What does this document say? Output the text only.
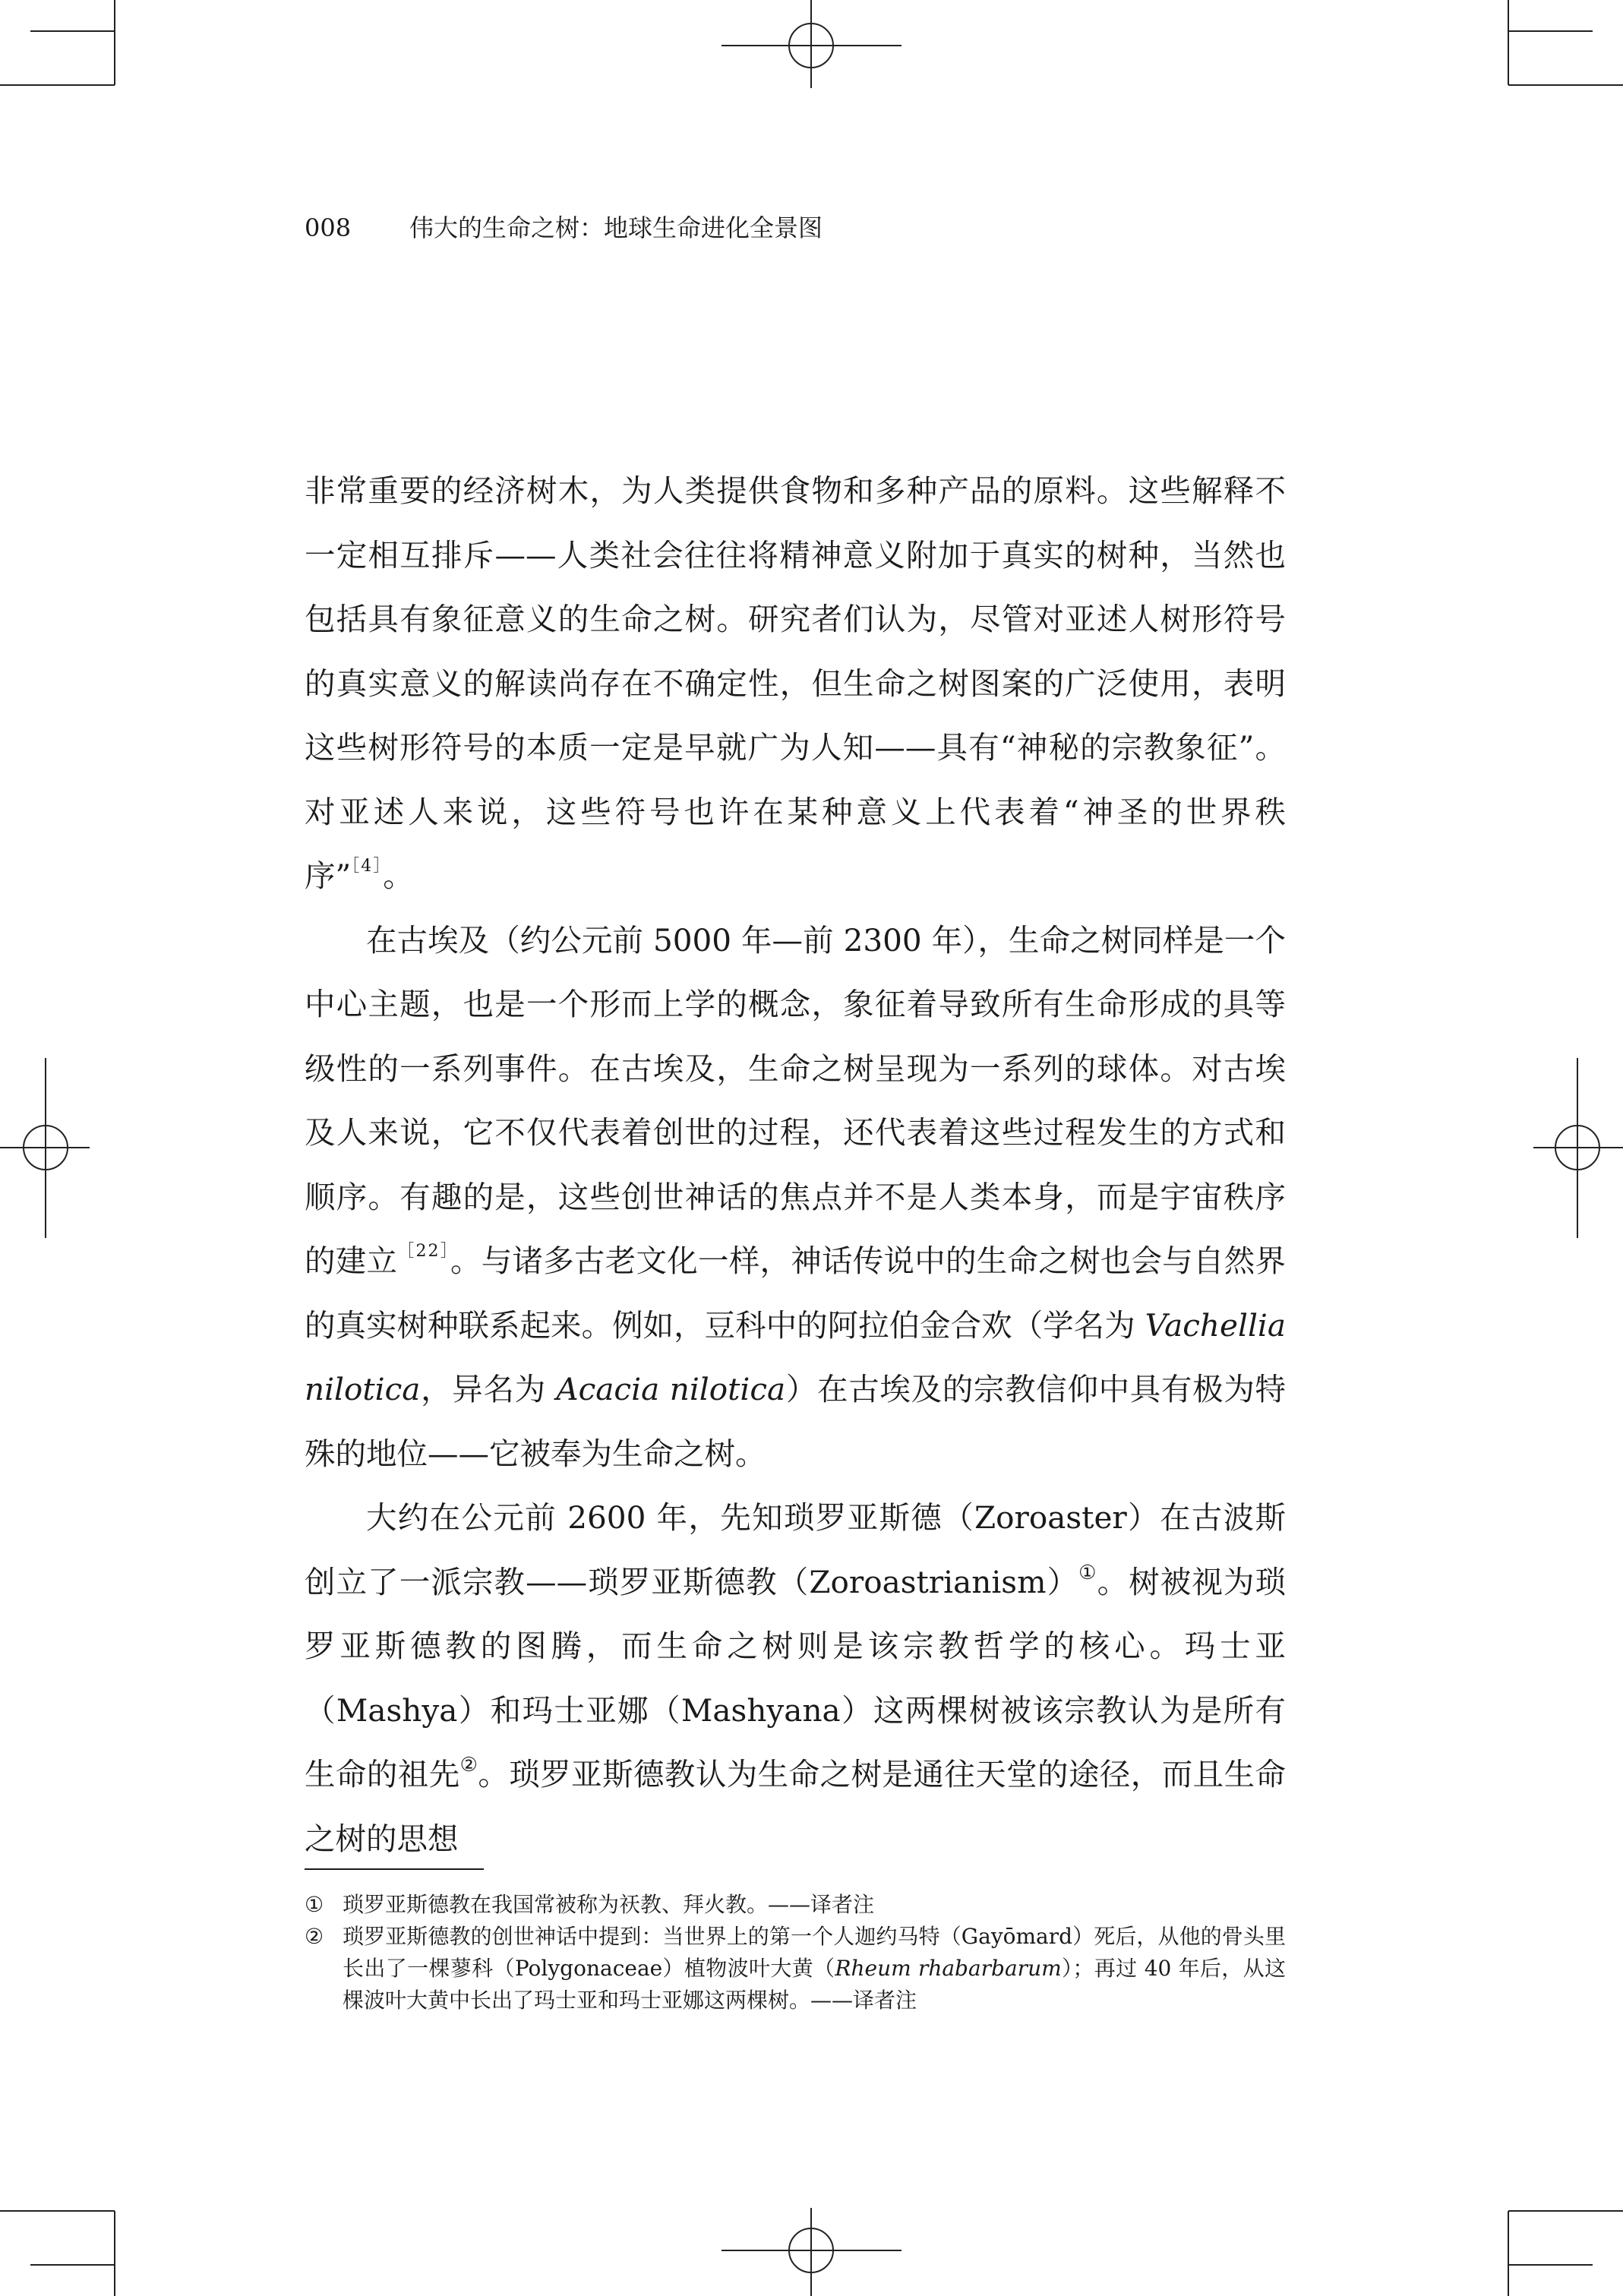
008 伟大的生命之树：地球生命进化全景图

非常重要的经济树木，为人类提供食物和多种产品的原料。这些解释不一定相互排斥——人类社会往往将精神意义附加于真实的树种，当然也包括具有象征意义的生命之树。研究者们认为，尽管对亚述人树形符号的真实意义的解读尚存在不确定性，但生命之树图案的广泛使用，表明这些树形符号的本质一定是早就广为人知——具有“神秘的宗教象征”。对亚述人来说，这些符号也许在某种意义上代表着“神圣的世界秩序”$^{[4]}$。

在古埃及（约公元前 5000 年—前 2300 年），生命之树同样是一个中心主题，也是一个形而上学的概念，象征着导致所有生命形成的具等级性的一系列事件。在古埃及，生命之树呈现为一系列的球体。对古埃及人来说，它不仅代表着创世的过程，还代表着这些过程发生的方式和顺序。有趣的是，这些创世神话的焦点并不是人类本身，而是宇宙秩序的建立$^{[22]}$。与诸多古老文化一样，神话传说中的生命之树也会与自然界的真实树种联系起来。例如，豆科中的阿拉伯金合欢（学名为 Vachellia nilotica，异名为 Acacia nilotica）在古埃及的宗教信仰中具有极为特殊的地位——它被奉为生命之树。

大约在公元前 2600 年，先知琐罗亚斯德（Zoroaster）在古波斯创立了一派宗教——琐罗亚斯德教（Zoroastrianism）①。树被视为琐罗亚斯德教的图腾，而生命之树则是该宗教哲学的核心。玛士亚（Mashya）和玛士亚娜（Mashyana）这两棵树被该宗教认为是所有生命的祖先②。琐罗亚斯德教认为生命之树是通往天堂的途径，而且生命之树的思想

① 琐罗亚斯德教在我国常被称为祆教、拜火教。——译者注
② 琐罗亚斯德教的创世神话中提到：当世界上的第一个人迦约马特（Gayōmard）死后，从他的骨头里长出了一棵蓼科（Polygonaceae）植物波叶大黄（Rheum rhabarbarum）；再过 40 年后，从这棵波叶大黄中长出了玛士亚和玛士亚娜这两棵树。——译者注
